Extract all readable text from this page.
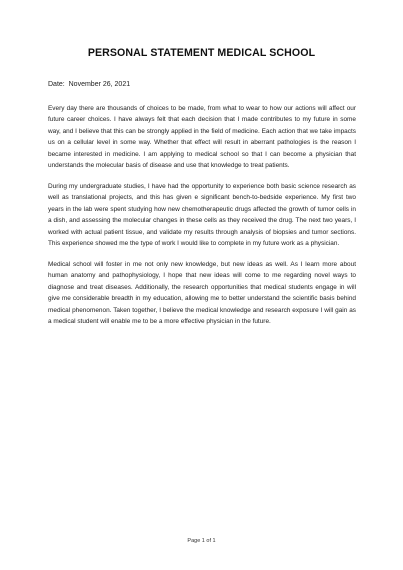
PERSONAL STATEMENT MEDICAL SCHOOL
Date: November 26, 2021
Every day there are thousands of choices to be made, from what to wear to how our actions will affect our future career choices. I have always felt that each decision that I made contributes to my future in some way, and I believe that this can be strongly applied in the field of medicine. Each action that we take impacts us on a cellular level in some way. Whether that effect will result in aberrant pathologies is the reason I became interested in medicine. I am applying to medical school so that I can become a physician that understands the molecular basis of disease and use that knowledge to treat patients.
During my undergraduate studies, I have had the opportunity to experience both basic science research as well as translational projects, and this has given e significant bench-to-bedside experience. My first two years in the lab were spent studying how new chemotherapeutic drugs affected the growth of tumor cells in a dish, and assessing the molecular changes in these cells as they received the drug. The next two years, I worked with actual patient tissue, and validate my results through analysis of biopsies and tumor sections. This experience showed me the type of work I would like to complete in my future work as a physician.
Medical school will foster in me not only new knowledge, but new ideas as well. As I learn more about human anatomy and pathophysiology, I hope that new ideas will come to me regarding novel ways to diagnose and treat diseases. Additionally, the research opportunities that medical students engage in will give me considerable breadth in my education, allowing me to better understand the scientific basis behind medical phenomenon. Taken together, I believe the medical knowledge and research exposure I will gain as a medical student will enable me to be a more effective physician in the future.
Page 1 of 1
